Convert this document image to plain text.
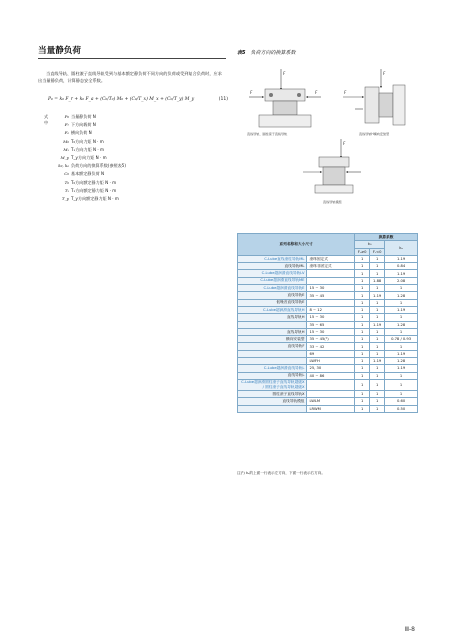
当量静负荷

当直线导轨、圆柱滚子直线导轨受到与基本额定静负荷不同方向的负荷或受到复合负荷时，应求出当量静负荷，计算静态安全系数。

P₀ = k₀ F_r + k₀ F_a + (C₀/T₀) M₀ + (C₀/T_x) M_x + (C₀/T_y) M_y	(11)
式中
P₀ 当量静负荷 N
Fᵣ 下方向载荷 N
Fₐ 横向负荷 N
M₀ T₀方向力矩 N · m
Mₓ Tₓ方向力矩 N · m
M_y T_y方向力矩 N · m
k₀, kₐ 负荷方向的换算系数(参照表5)
C₀ 基本额定静负荷 N
T₀ T₀方向额定静力矩 N · m
Tₓ Tₓ方向额定静力矩 N · m
T_y T_y方向额定静力矩 N · m
表5 负荷方向的换算系数
F
F	F
F
F
F
直线导轨、圆柱滚子直线导轨	直线导轨H横向安装型
直线导轨模组
系列名称和大小尺寸		换算系数		
		k₀		kₐ
		Fᵣ≥0	Fᵣ<0	
C-Lube直线滚柱导轨ML	滚珠固定式	1	1	1.19
直线导轨ML	滚珠非固定式	1	1	0.84
C-Lube超润滑直线导轨LV		1	1	1.19
C-Lube超润滑直线导轨ME		1	1.88	2.08
C-Lube超润滑直线导轨E	15 ~ 30	1	1	1
直线导轨E	35 ~ 45	1	1.19	1.28
低噪音直线导轨E		1	1	1
C-Lube超润滑直线导轨H	8 ~ 12	1	1	1.19
直线导轨H	15 ~ 30	1	1	1
	35 ~ 65	1	1.19	1.28
直线导轨H	15 ~ 30	1	1	1
横向安装型	35 ~ 45(¹)	1	1	0.78 / 0.93
直线导轨F	33 ~ 42	1	1	1
	69	1	1	1.19
	LWFH	1	1.19	1.28
C-Lube超润滑直线导轨L	25, 30	1	1	1.19
直线导轨L	40 ~ 86	1	1	1
C-Lube超润滑圆柱滚子直线导轨超级X / 圆柱滚子直线导轨超级X		1	1	1
圆柱滚子直线导轨X		1	1	1
直线导轨模组	LWLM	1	1	0.60
	LRWM	1	1	0.50
注(¹) kₐ的上面一行表示左方向，下面一行表示右方向。
Ⅲ-8
